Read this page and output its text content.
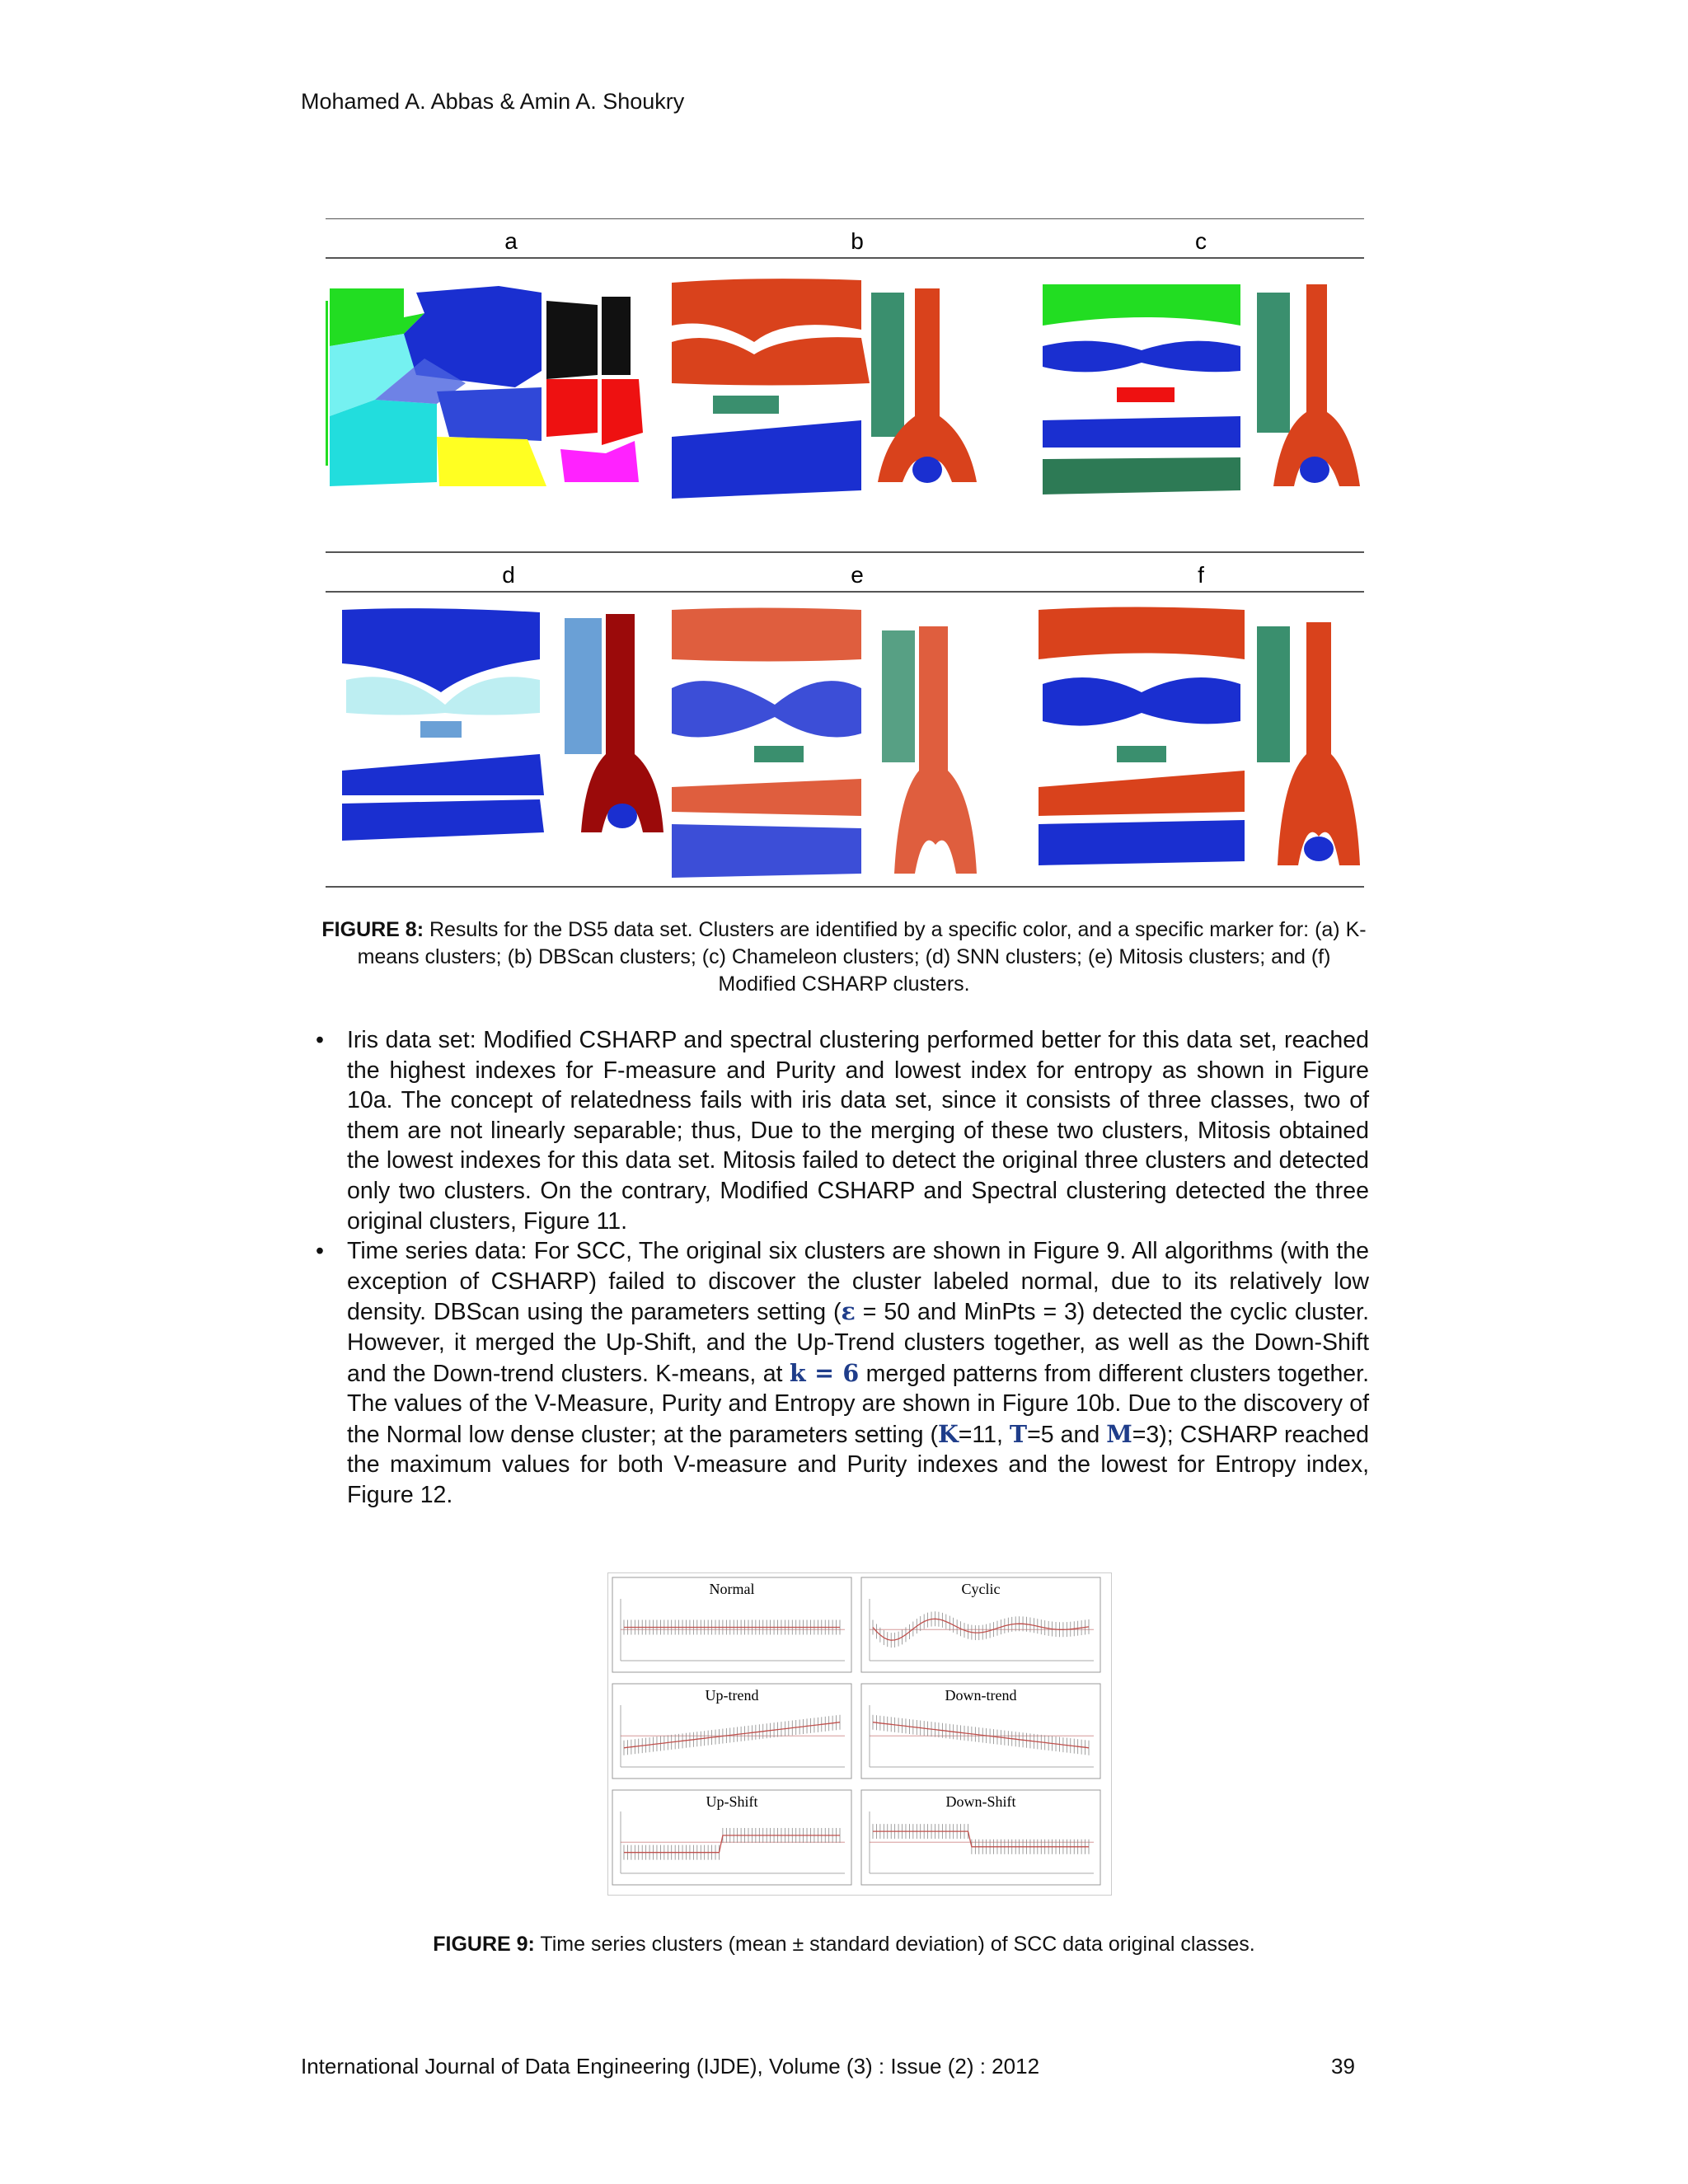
Mohamed A. Abbas & Amin A. Shoukry
a	b	c
d	e	f
FIGURE 8: Results for the DS5 data set. Clusters are identified by a specific color, and a specific marker for: (a) K-means clusters; (b) DBScan clusters; (c) Chameleon clusters; (d) SNN clusters; (e) Mitosis clusters; and (f) Modified CSHARP clusters.
• Iris data set: Modified CSHARP and spectral clustering performed better for this data set, reached the highest indexes for F-measure and Purity and lowest index for entropy as shown in Figure 10a. The concept of relatedness fails with iris data set, since it consists of three classes, two of them are not linearly separable; thus, Due to the merging of these two clusters, Mitosis obtained the lowest indexes for this data set. Mitosis failed to detect the original three clusters and detected only two clusters. On the contrary, Modified CSHARP and Spectral clustering detected the three original clusters, Figure 11.
• Time series data: For SCC, The original six clusters are shown in Figure 9. All algorithms (with the exception of CSHARP) failed to discover the cluster labeled normal, due to its relatively low density. DBScan using the parameters setting (ε = 50 and MinPts = 3) detected the cyclic cluster. However, it merged the Up-Shift, and the Up-Trend clusters together, as well as the Down-Shift and the Down-trend clusters. K-means, at k = 6 merged patterns from different clusters together. The values of the V-Measure, Purity and Entropy are shown in Figure 10b. Due to the discovery of the Normal low dense cluster; at the parameters setting (K=11, T=5 and M=3); CSHARP reached the maximum values for both V-measure and Purity indexes and the lowest for Entropy index, Figure 12.
Normal	Cyclic
Up-trend	Down-trend
Up-Shift	Down-Shift
FIGURE 9: Time series clusters (mean ± standard deviation) of SCC data original classes.
International Journal of Data Engineering (IJDE), Volume (3) : Issue (2) : 2012	39
